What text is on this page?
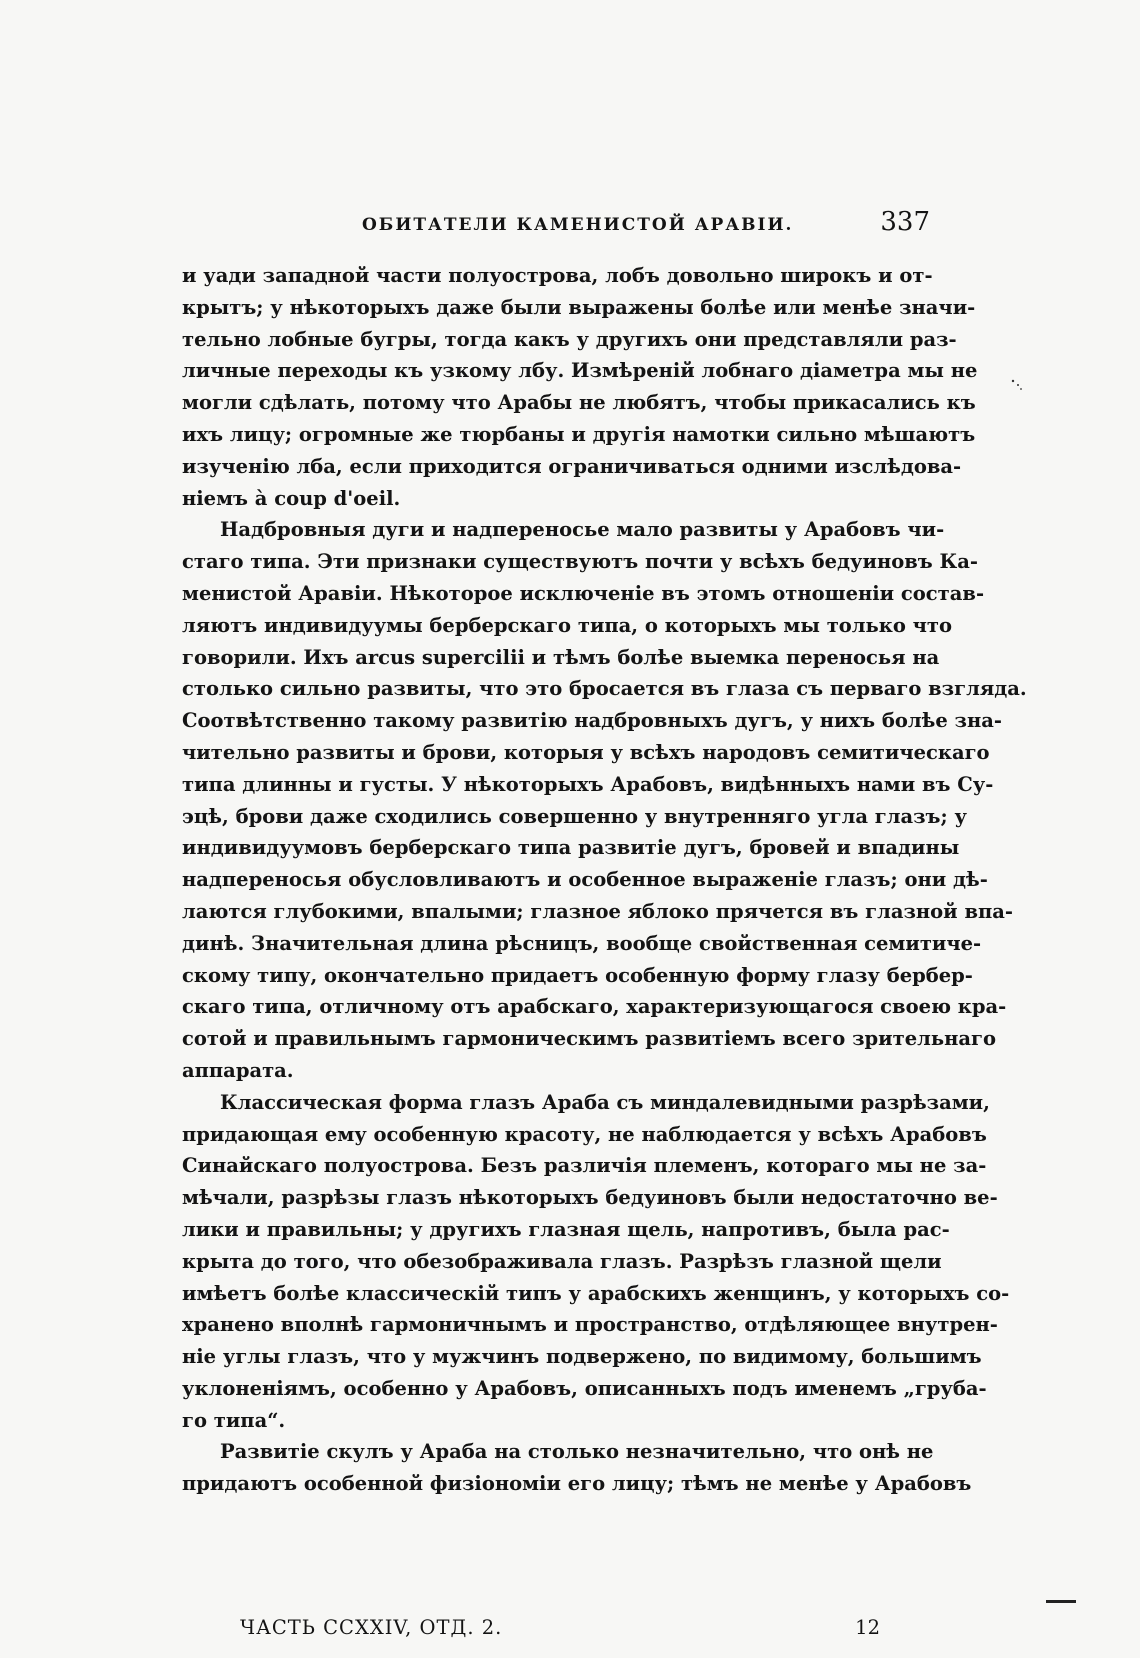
ОБИТАТЕЛИ КАМЕНИСТОЙ АРАВІИ.	337
и уади западной части полуострова, лобъ довольно широкъ и от-
крытъ; у нѣкоторыхъ даже были выражены болѣе или менѣе значи-
тельно лобные бугры, тогда какъ у другихъ они представляли раз-
личные переходы къ узкому лбу. Измѣреній лобнаго діаметра мы не
могли сдѣлать, потому что Арабы не любятъ, чтобы прикасались къ
ихъ лицу; огромные же тюрбаны и другія намотки сильно мѣшаютъ
изученію лба, если приходится ограничиваться одними изслѣдова-
ніемъ à coup d'oeil.
Надбровныя дуги и надпереносье мало развиты у Арабовъ чи-
стаго типа. Эти признаки существуютъ почти у всѣхъ бедуиновъ Ка-
менистой Аравіи. Нѣкоторое исключеніе въ этомъ отношеніи состав-
ляютъ индивидуумы берберскаго типа, о которыхъ мы только что
говорили. Ихъ arcus supercilii и тѣмъ болѣе выемка переносья на
столько сильно развиты, что это бросается въ глаза съ перваго взгляда.
Соотвѣтственно такому развитію надбровныхъ дугъ, у нихъ болѣе зна-
чительно развиты и брови, которыя у всѣхъ народовъ семитическаго
типа длинны и густы. У нѣкоторыхъ Арабовъ, видѣнныхъ нами въ Су-
эцѣ, брови даже сходились совершенно у внутренняго угла глазъ; у
индивидуумовъ берберскаго типа развитіе дугъ, бровей и впадины
надпереносья обусловливаютъ и особенное выраженіе глазъ; они дѣ-
лаются глубокими, впалыми; глазное яблоко прячется въ глазной впа-
динѣ. Значительная длина рѣсницъ, вообще свойственная семитиче-
скому типу, окончательно придаетъ особенную форму глазу бербер-
скаго типа, отличному отъ арабскаго, характеризующагося своею кра-
сотой и правильнымъ гармоническимъ развитіемъ всего зрительнаго
аппарата.
Классическая форма глазъ Араба съ миндалевидными разрѣзами,
придающая ему особенную красоту, не наблюдается у всѣхъ Арабовъ
Синайскаго полуострова. Безъ различія племенъ, котораго мы не за-
мѣчали, разрѣзы глазъ нѣкоторыхъ бедуиновъ были недостаточно ве-
лики и правильны; у другихъ глазная щель, напротивъ, была рас-
крыта до того, что обезображивала глазъ. Разрѣзъ глазной щели
имѣетъ болѣе классическій типъ у арабскихъ женщинъ, у которыхъ со-
хранено вполнѣ гармоничнымъ и пространство, отдѣляющее внутрен-
ніе углы глазъ, что у мужчинъ подвержено, по видимому, большимъ
уклоненіямъ, особенно у Арабовъ, описанныхъ подъ именемъ „груба-
го типа“.
Развитіе скулъ у Араба на столько незначительно, что онѣ не
придаютъ особенной физіономіи его лицу; тѣмъ не менѣе у Арабовъ
ЧАСТЬ CCXXIV, ОТД. 2.	12
